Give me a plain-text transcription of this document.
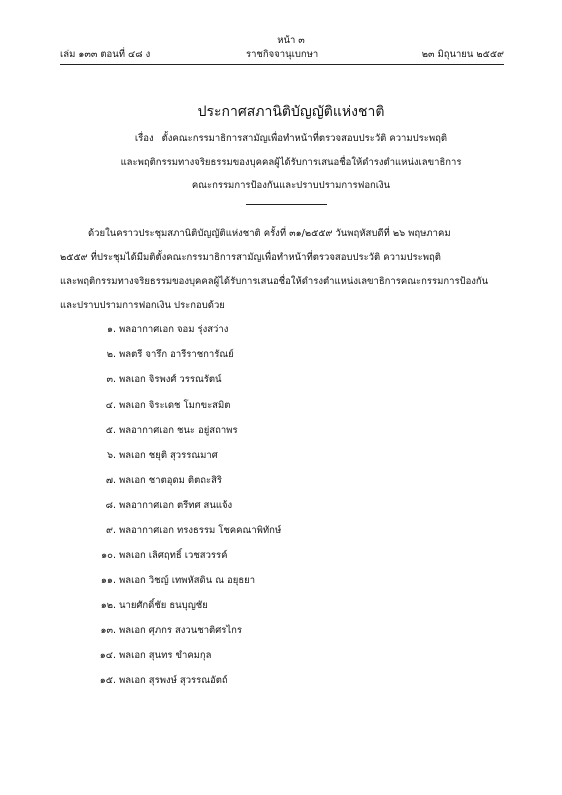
หน้า ๓
เล่ม ๑๓๓ ตอนที่ ๔๘ ง	ราชกิจจานุเบกษา	๒๓ มิถุนายน ๒๕๕๙
ประกาศสภานิติบัญญัติแห่งชาติ
เรื่อง ตั้งคณะกรรมาธิการสามัญเพื่อทำหน้าที่ตรวจสอบประวัติ ความประพฤติ
และพฤติกรรมทางจริยธรรมของบุคคลผู้ได้รับการเสนอชื่อให้ดำรงตำแหน่งเลขาธิการ
คณะกรรมการป้องกันและปราบปรามการฟอกเงิน
ด้วยในคราวประชุมสภานิติบัญญัติแห่งชาติ ครั้งที่ ๓๑/๒๕๕๙ วันพฤหัสบดีที่ ๒๖ พฤษภาคม
๒๕๕๙ ที่ประชุมได้มีมติตั้งคณะกรรมาธิการสามัญเพื่อทำหน้าที่ตรวจสอบประวัติ ความประพฤติ
และพฤติกรรมทางจริยธรรมของบุคคลผู้ได้รับการเสนอชื่อให้ดำรงตำแหน่งเลขาธิการคณะกรรมการป้องกัน
และปราบปรามการฟอกเงิน ประกอบด้วย
๑. พลอากาศเอก จอม รุ่งสว่าง
๒. พลตรี จารึก อารีราชการัณย์
๓. พลเอก จิรพงศ์ วรรณรัตน์
๔. พลเอก จิระเดช โมกขะสมิต
๕. พลอากาศเอก ชนะ อยู่สถาพร
๖. พลเอก ชยุติ สุวรรณมาศ
๗. พลเอก ชาตอุดม ติตถะสิริ
๘. พลอากาศเอก ตรีทศ สนแจ้ง
๙. พลอากาศเอก ทรงธรรม โชคคณาพิทักษ์
๑๐. พลเอก เลิศฤทธิ์ เวชสวรรค์
๑๑. พลเอก วิชญ์ เทพหัสดิน ณ อยุธยา
๑๒. นายศักดิ์ชัย ธนบุญชัย
๑๓. พลเอก ศุภกร สงวนชาติศรไกร
๑๔. พลเอก สุนทร ขำคมกุล
๑๕. พลเอก สุรพงษ์ สุวรรณอัตถ์
